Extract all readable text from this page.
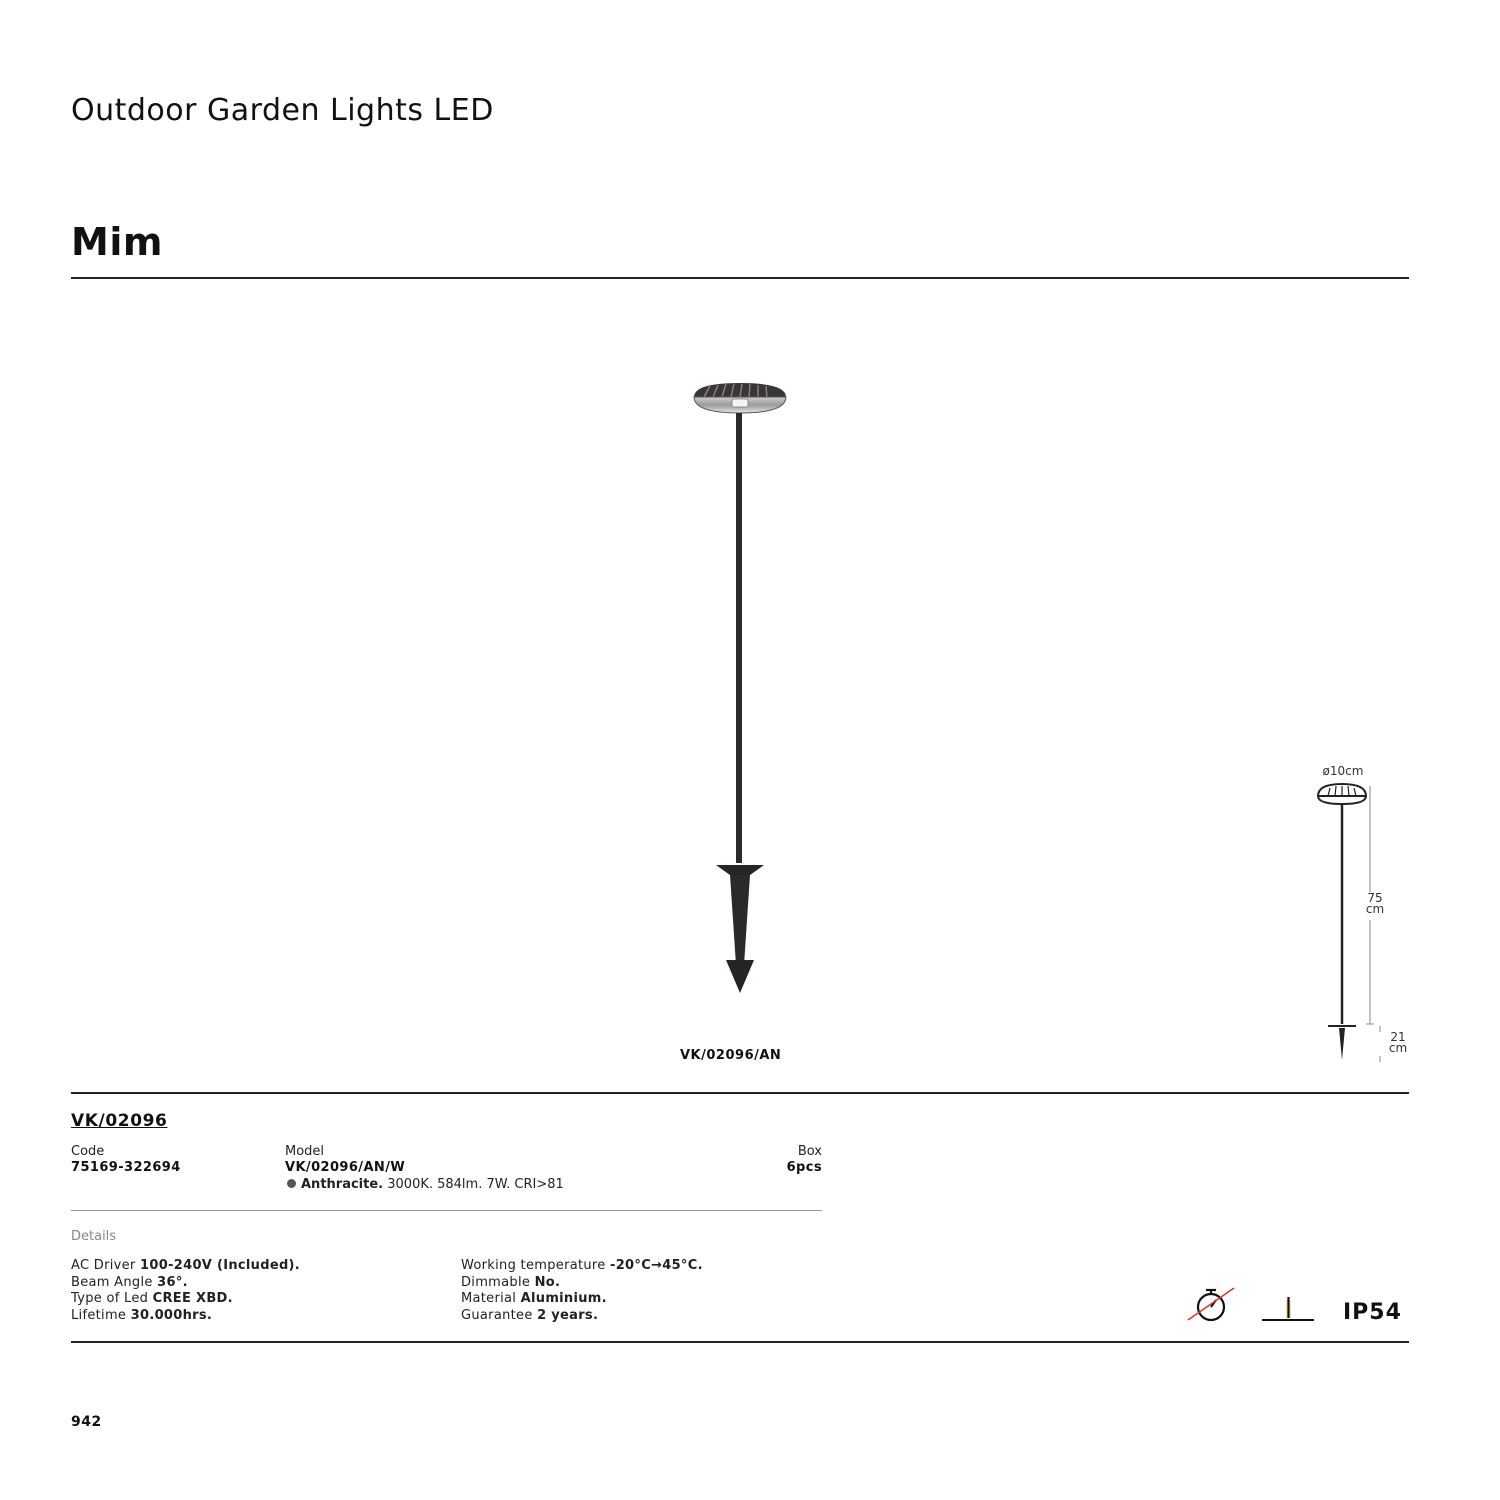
Outdoor Garden Lights LED
Mim
VK/02096/AN
ø10cm
75
cm
21
cm
VK/02096
Code
75169-322694
Model
VK/02096/AN/W
Anthracite. 3000K. 584lm. 7W. CRI>81
Box
6pcs
Details
AC Driver 100-240V (Included).
Beam Angle 36°.
Type of Led CREE XBD.
Lifetime 30.000hrs.
Working temperature -20°C→45°C.
Dimmable No.
Material Aluminium.
Guarantee 2 years.	IP54
942
